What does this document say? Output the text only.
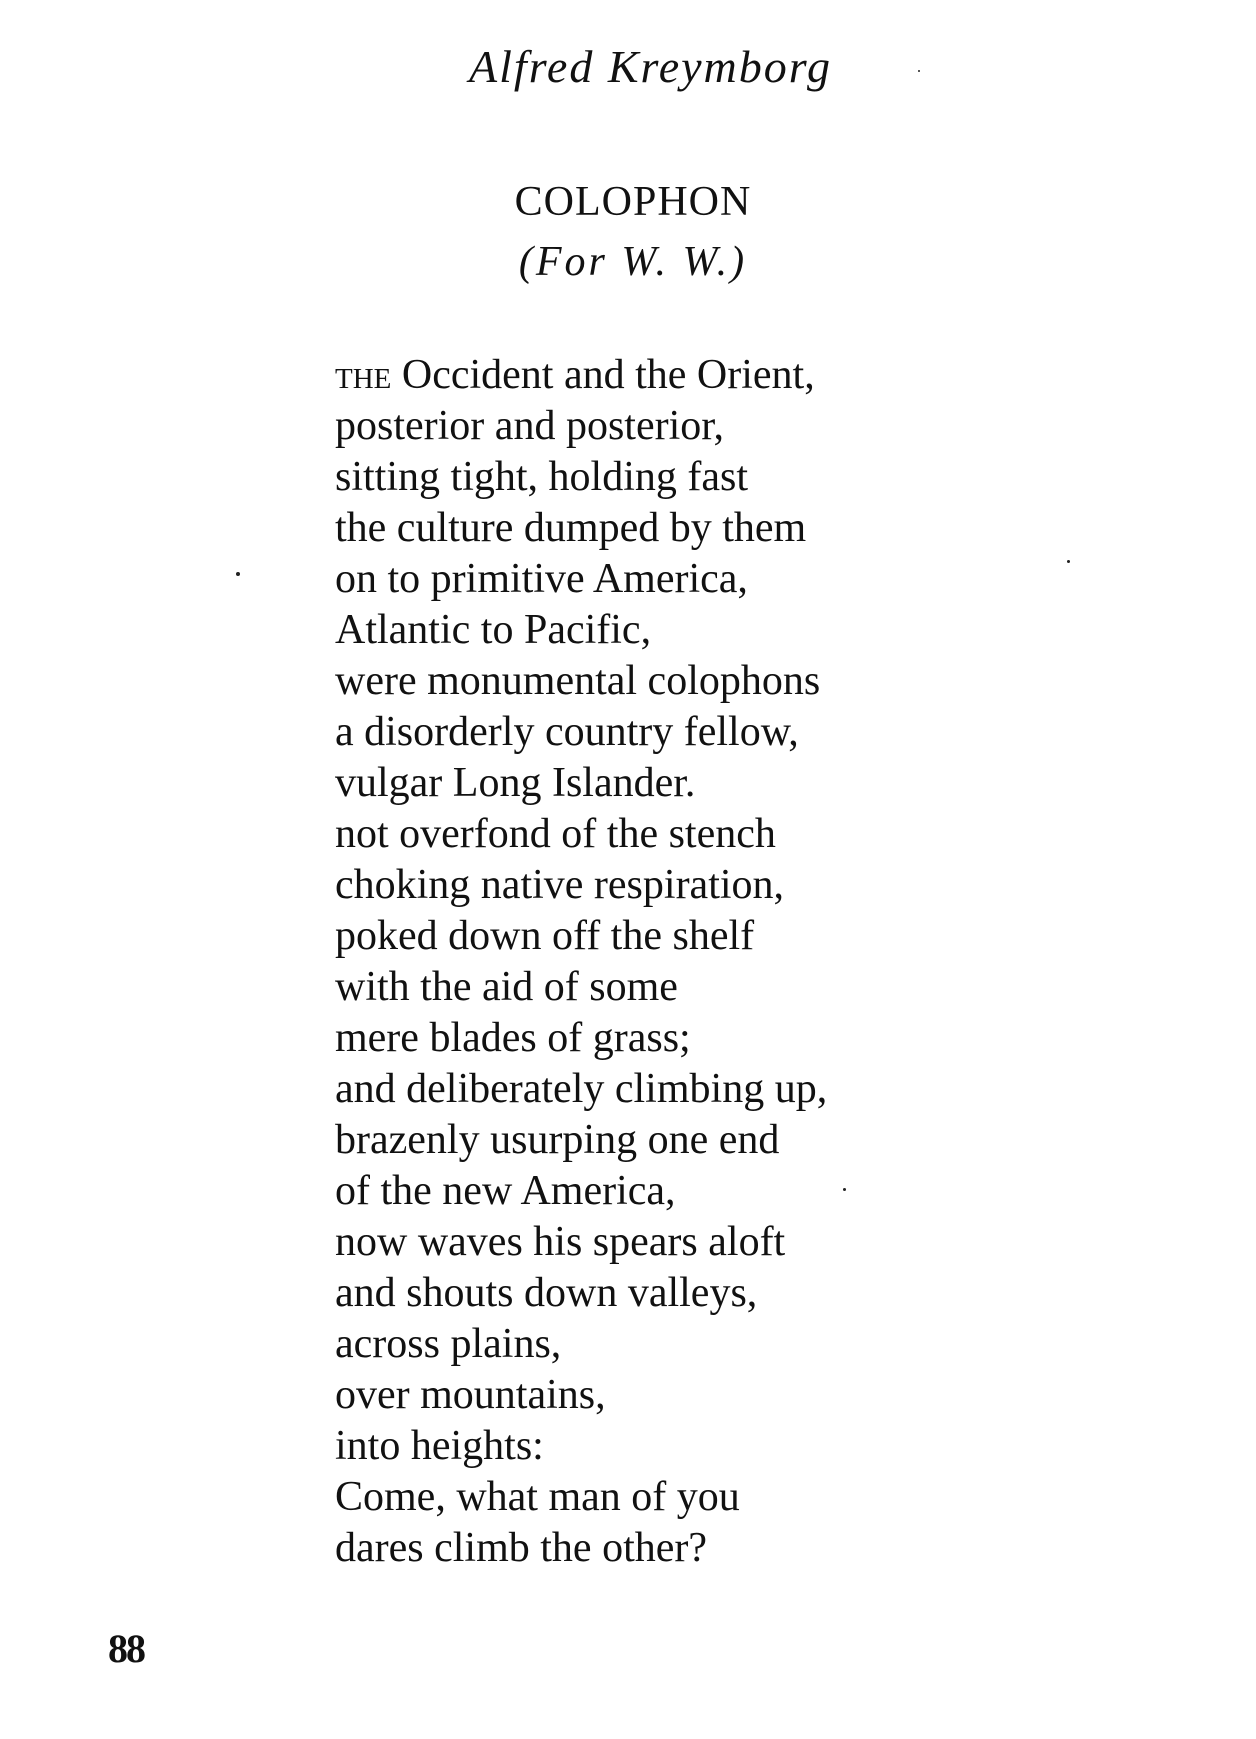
Alfred Kreymborg
COLOPHON
(For W. W.)
the Occident and the Orient,
posterior and posterior,
sitting tight, holding fast
the culture dumped by them
on to primitive America,
Atlantic to Pacific,
were monumental colophons
a disorderly country fellow,
vulgar Long Islander.
not overfond of the stench
choking native respiration,
poked down off the shelf
with the aid of some
mere blades of grass;
and deliberately climbing up,
brazenly usurping one end
of the new America,
now waves his spears aloft
and shouts down valleys,
across plains,
over mountains,
into heights:
Come, what man of you
dares climb the other?
88
